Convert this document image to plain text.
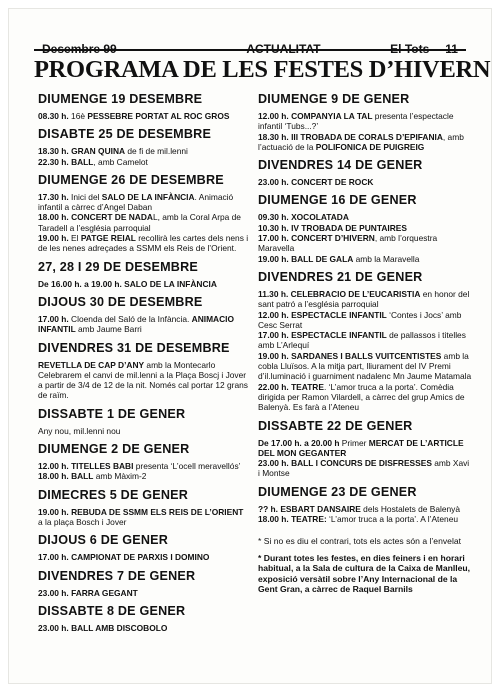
Desembre 99	ACTUALITAT	El Tots 11
PROGRAMA DE LES FESTES D’HIVERN
DIUMENGE 19 DESEMBRE
08.30 h. 16è PESSEBRE PORTAT AL ROC GROS
DISABTE 25 DE DESEMBRE
18.30 h. GRAN QUINA de fi de mil.lenni
22.30 h. BALL, amb Camelot
DIUMENGE 26 DE DESEMBRE
17.30 h. Inici del SALO DE LA INFÀNCIA. Animació infantil a càrrec d’Angel Daban
18.00 h. CONCERT DE NADAL, amb la Coral Arpa de Taradell a l’església parroquial
19.00 h. El PATGE REIAL recollirà les cartes dels nens i de les nenes adreçades a SSMM els Reis de l’Orient.
27, 28 I 29 DE DESEMBRE
De 16.00 h. a 19.00 h. SALO DE LA INFÀNCIA
DIJOUS 30 DE DESEMBRE
17.00 h. Cloenda del Saló de la Infància. ANIMACIO INFANTIL amb Jaume Barri
DIVENDRES 31 DE DESEMBRE
REVETLLA DE CAP D’ANY amb la Montecarlo Celebrarem el canvi de mil.lenni a la Plaça Boscj i Jover a partir de 3/4 de 12 de la nit. Només cal portar 12 grans de raïm.
DISSABTE 1 DE GENER
Any nou, mil.lenni nou
DIUMENGE 2 DE GENER
12.00 h. TITELLES BABI presenta ‘L’ocell meravellós’
18.00 h. BALL amb Màxim-2
DIMECRES 5 DE GENER
19.00 h. REBUDA DE SSMM ELS REIS DE L’ORIENT a la plaça Bosch i Jover
DIJOUS 6 DE GENER
17.00 h. CAMPIONAT DE PARXIS I DOMINO
DIVENDRES 7 DE GENER
23.00 h. FARRA GEGANT
DISSABTE 8 DE GENER
23.00 h. BALL AMB DISCOBOLO
DIUMENGE 9 DE GENER
12.00 h. COMPANYIA LA TAL presenta l’espectacle infantil ‘Tubs...?’
18.30 h. III TROBADA DE CORALS D’EPIFANIA, amb l’actuació de la POLIFONICA DE PUIGREIG
DIVENDRES 14 DE GENER
23.00 h. CONCERT DE ROCK
DIUMENGE 16 DE GENER
09.30 h. XOCOLATADA
10.30 h. IV TROBADA DE PUNTAIRES
17.00 h. CONCERT D’HIVERN, amb l’orquestra Maravella
19.00 h. BALL DE GALA amb la Maravella
DIVENDRES 21 DE GENER
11.30 h. CELEBRACIO DE L’EUCARISTIA en honor del sant patró a l’església parroquial
12.00 h. ESPECTACLE INFANTIL ‘Contes i Jocs’ amb Cesc Serrat
17.00 h. ESPECTACLE INFANTIL de pallassos i titelles amb L’Arlequí
19.00 h. SARDANES I BALLS VUITCENTISTES amb la cobla Lluïsos. A la mitja part, lliurament del IV Premi d’il.luminació i guarniment nadalenc Mn Jaume Matamala
22.00 h. TEATRE. ‘L’amor truca a la porta’. Comèdia dirigida per Ramon Vilardell, a càrrec del grup Amics de Balenyà. Es farà a l’Ateneu
DISSABTE 22 DE GENER
De 17.00 h. a 20.00 h Primer MERCAT DE L’ARTICLE DEL MON GEGANTER
23.00 h. BALL I CONCURS DE DISFRESSES amb Xavi i Montse
DIUMENGE 23 DE GENER
?? h. ESBART DANSAIRE dels Hostalets de Balenyà
18.00 h. TEATRE: ‘L’amor truca a la porta’. A l’Ateneu
* Si no es diu el contrari, tots els actes són a l’envelat
* Durant totes les festes, en dies feiners i en horari habitual, a la Sala de cultura de la Caixa de Manlleu, exposició versàtil sobre l’Any Internacional de la Gent Gran, a càrrec de Raquel Barnils
